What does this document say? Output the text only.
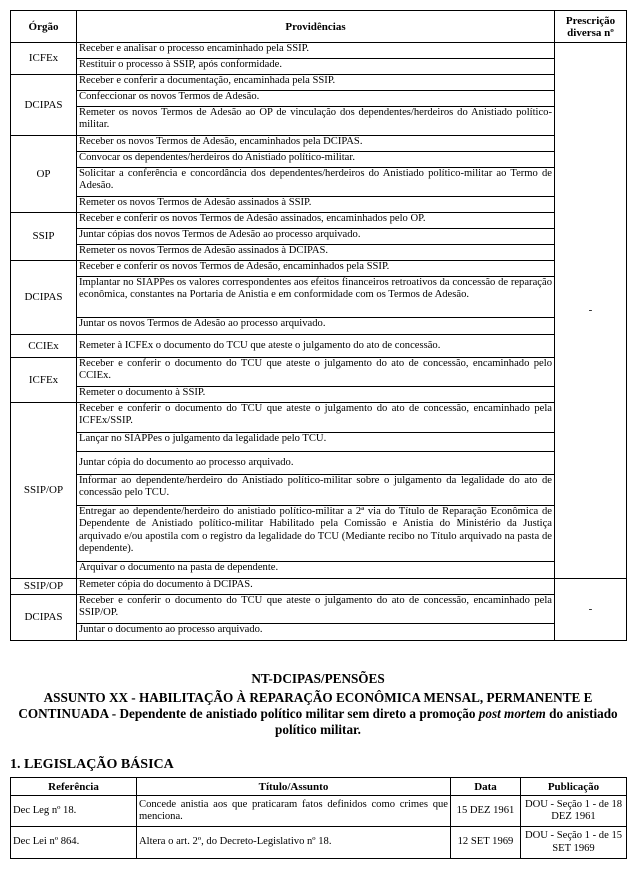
Órgão	Providências	Prescrição diversa nº
ICFEx	Receber e analisar o processo encaminhado pela SSIP.	-
	Restituir o processo à SSIP, após conformidade.	
DCIPAS	Receber e conferir a documentação, encaminhada pela SSIP.	
	Confeccionar os novos Termos de Adesão.	
	Remeter os novos Termos de Adesão ao OP de vinculação dos dependentes/herdeiros do Anistiado político-militar.	
OP	Receber os novos Termos de Adesão, encaminhados pela DCIPAS.	
	Convocar os dependentes/herdeiros do Anistiado político-militar.	
	Solicitar a conferência e concordância dos dependentes/herdeiros do Anistiado político-militar ao Termo de Adesão.	
	Remeter os novos Termos de Adesão assinados à SSIP.	
SSIP	Receber e conferir os novos Termos de Adesão assinados, encaminhados pelo OP.	
	Juntar cópias dos novos Termos de Adesão ao processo arquivado.	
	Remeter os novos Termos de Adesão assinados à DCIPAS.	
DCIPAS	Receber e conferir os novos Termos de Adesão, encaminhados pela SSIP.	
	Implantar no SIAPPes os valores correspondentes aos efeitos financeiros retroativos da concessão de reparação econômica, constantes na Portaria de Anistia e em conformidade com os Termos de Adesão.	
	Juntar os novos Termos de Adesão ao processo arquivado.	
CCIEx	Remeter à ICFEx o documento do TCU que ateste o julgamento do ato de concessão.	
ICFEx	Receber e conferir o documento do TCU que ateste o julgamento do ato de concessão, encaminhado pelo CCIEx.	
	Remeter o documento à SSIP.	
SSIP/OP	Receber e conferir o documento do TCU que ateste o julgamento do ato de concessão, encaminhado pela ICFEx/SSIP.	
	Lançar no SIAPPes o julgamento da legalidade pelo TCU.	
	Juntar cópia do documento ao processo arquivado.	
	Informar ao dependente/herdeiro do Anistiado político-militar sobre o julgamento da legalidade do ato de concessão pelo TCU.	
	Entregar ao dependente/herdeiro do anistiado político-militar a 2ª via do Título de Reparação Econômica de Dependente de Anistiado político-militar Habilitado pela Comissão e Anistia do Ministério da Justiça arquivado e/ou apostila com o registro da legalidade do TCU (Mediante recibo no Título arquivado na pasta de dependente).	
	Arquivar o documento na pasta de dependente.	
SSIP/OP	Remeter cópia do documento à DCIPAS.	-
DCIPAS	Receber e conferir o documento do TCU que ateste o julgamento do ato de concessão, encaminhado pela SSIP/OP.	
	Juntar o documento ao processo arquivado.	
NT-DCIPAS/PENSÕES
ASSUNTO XX - HABILITAÇÃO À REPARAÇÃO ECONÔMICA MENSAL, PERMANENTE E CONTINUADA - Dependente de anistiado político militar sem direto a promoção post mortem do anistiado político militar.
1. LEGISLAÇÃO BÁSICA
Referência	Título/Assunto	Data	Publicação
Dec Leg nº 18.	Concede anistia aos que praticaram fatos definidos como crimes que menciona.	15 DEZ 1961	DOU - Seção 1 - de 18 DEZ 1961
Dec Lei nº 864.	Altera o art. 2º, do Decreto-Legislativo nº 18.	12 SET 1969	DOU - Seção 1 - de 15 SET 1969
